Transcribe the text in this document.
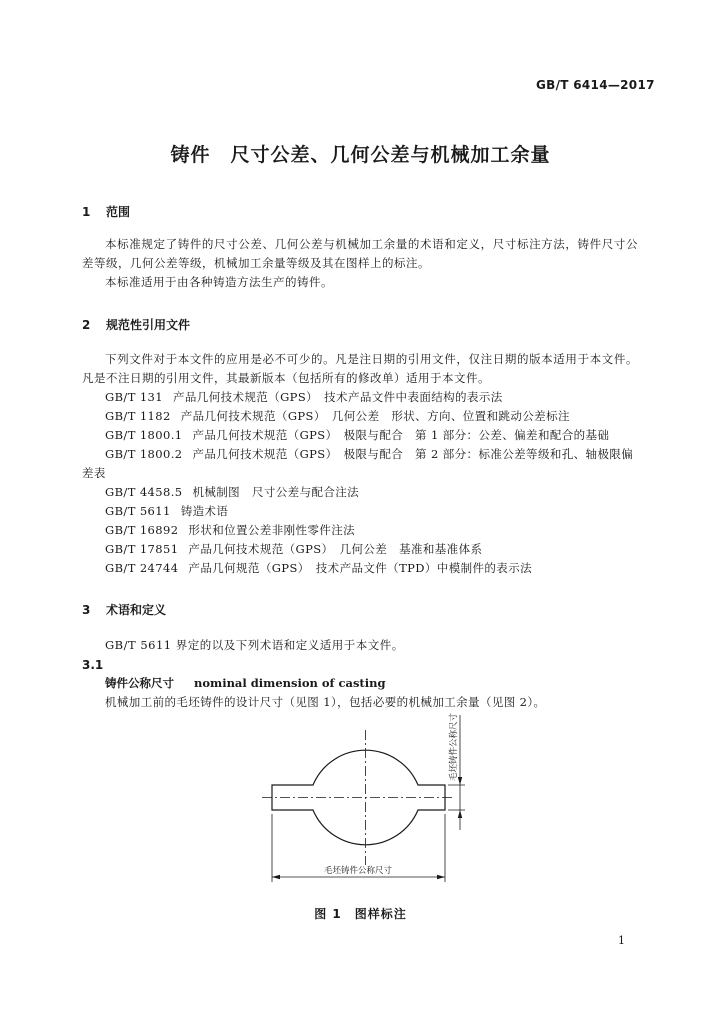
GB/T 6414—2017
铸件　尺寸公差、几何公差与机械加工余量
1 范围
本标准规定了铸件的尺寸公差、几何公差与机械加工余量的术语和定义，尺寸标注方法，铸件尺寸公差等级，几何公差等级，机械加工余量等级及其在图样上的标注。
本标准适用于由各种铸造方法生产的铸件。
2 规范性引用文件
下列文件对于本文件的应用是必不可少的。凡是注日期的引用文件，仅注日期的版本适用于本文件。凡是不注日期的引用文件，其最新版本（包括所有的修改单）适用于本文件。
GB/T 131 产品几何技术规范（GPS）　技术产品文件中表面结构的表示法
GB/T 1182 产品几何技术规范（GPS）　几何公差　形状、方向、位置和跳动公差标注
GB/T 1800.1 产品几何技术规范（GPS）　极限与配合　第 1 部分：公差、偏差和配合的基础
GB/T 1800.2 产品几何技术规范（GPS）　极限与配合　第 2 部分：标准公差等级和孔、轴极限偏
差表
GB/T 4458.5 机械制图　尺寸公差与配合注法
GB/T 5611 铸造术语
GB/T 16892 形状和位置公差非刚性零件注法
GB/T 17851 产品几何技术规范（GPS）　几何公差　基准和基准体系
GB/T 24744 产品几何规范（GPS）　技术产品文件（TPD）中模制件的表示法
3 术语和定义
GB/T 5611 界定的以及下列术语和定义适用于本文件。
3.1
铸件公称尺寸 nominal dimension of casting
机械加工前的毛坯铸件的设计尺寸（见图 1），包括必要的机械加工余量（见图 2）。
毛坯铸件公称尺寸
毛坯铸件公称尺寸
图 1　图样标注
1
